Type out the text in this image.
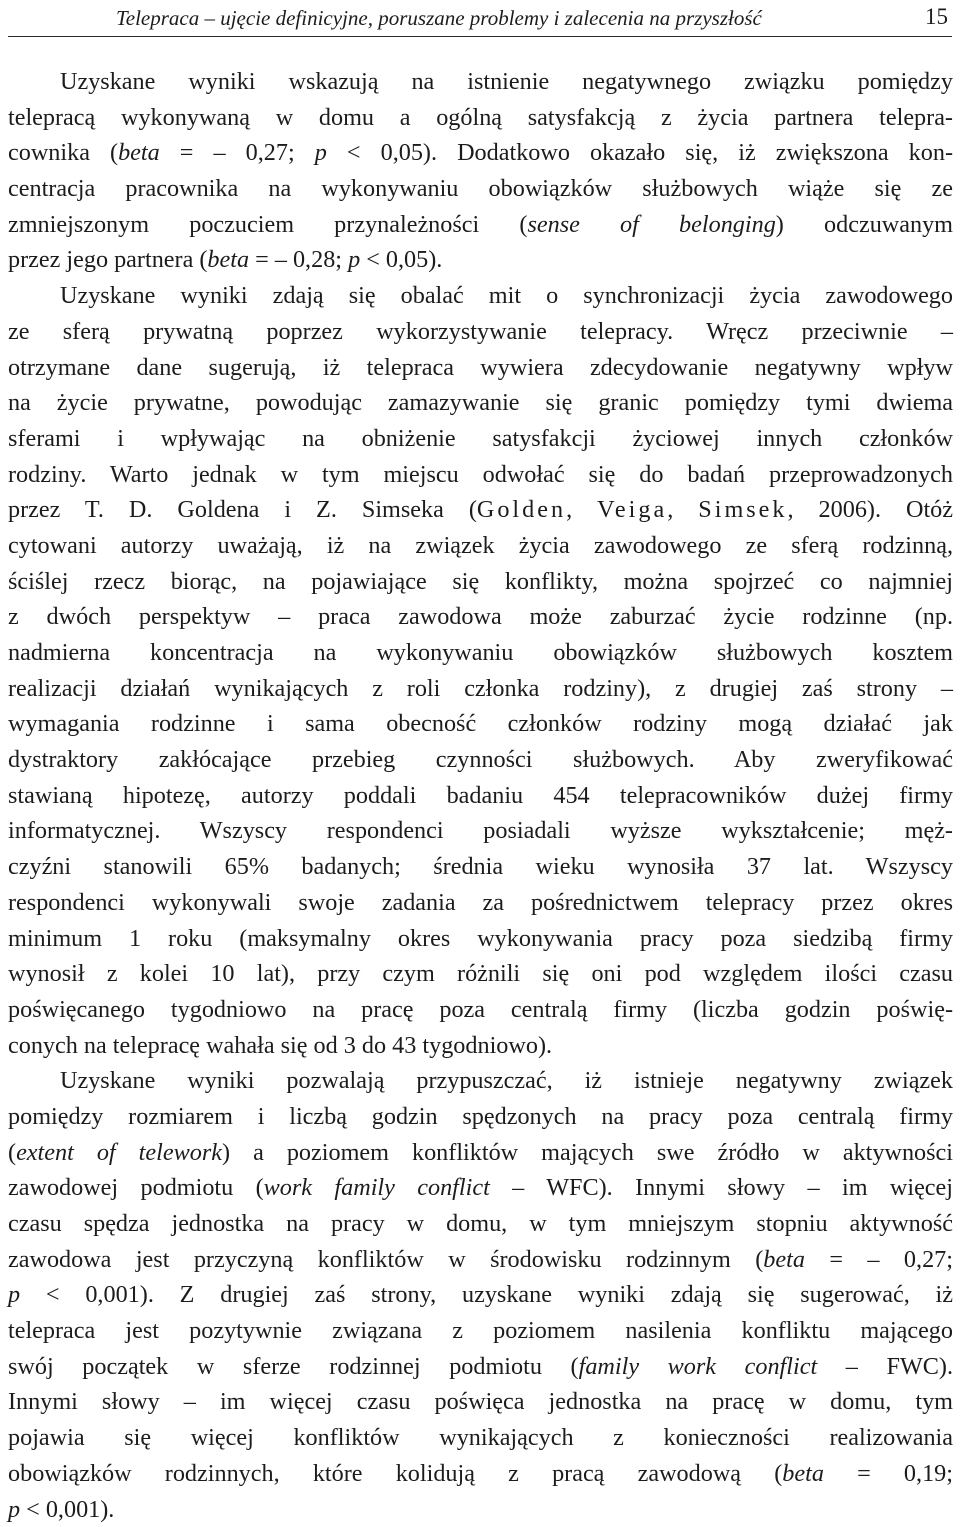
Telepraca – ujęcie definicyjne, poruszane problemy i zalecenia na przyszłość	15
Uzyskane wyniki wskazują na istnienie negatywnego związku pomiędzy
telepracą wykonywaną w domu a ogólną satysfakcją z życia partnera telepra-
cownika (beta = – 0,27; p < 0,05). Dodatkowo okazało się, iż zwiększona kon-
centracja pracownika na wykonywaniu obowiązków służbowych wiąże się ze
zmniejszonym poczuciem przynależności (sense of belonging) odczuwanym
przez jego partnera (beta = – 0,28; p < 0,05).
Uzyskane wyniki zdają się obalać mit o synchronizacji życia zawodowego
ze sferą prywatną poprzez wykorzystywanie telepracy. Wręcz przeciwnie –
otrzymane dane sugerują, iż telepraca wywiera zdecydowanie negatywny wpływ
na życie prywatne, powodując zamazywanie się granic pomiędzy tymi dwiema
sferami i wpływając na obniżenie satysfakcji życiowej innych członków
rodziny. Warto jednak w tym miejscu odwołać się do badań przeprowadzonych
przez T. D. Goldena i Z. Simseka (Golden, Veiga, Simsek, 2006). Otóż
cytowani autorzy uważają, iż na związek życia zawodowego ze sferą rodzinną,
ściślej rzecz biorąc, na pojawiające się konflikty, można spojrzeć co najmniej
z dwóch perspektyw – praca zawodowa może zaburzać życie rodzinne (np.
nadmierna koncentracja na wykonywaniu obowiązków służbowych kosztem
realizacji działań wynikających z roli członka rodziny), z drugiej zaś strony –
wymagania rodzinne i sama obecność członków rodziny mogą działać jak
dystraktory zakłócające przebieg czynności służbowych. Aby zweryfikować
stawianą hipotezę, autorzy poddali badaniu 454 telepracowników dużej firmy
informatycznej. Wszyscy respondenci posiadali wyższe wykształcenie; męż-
czyźni stanowili 65% badanych; średnia wieku wynosiła 37 lat. Wszyscy
respondenci wykonywali swoje zadania za pośrednictwem telepracy przez okres
minimum 1 roku (maksymalny okres wykonywania pracy poza siedzibą firmy
wynosił z kolei 10 lat), przy czym różnili się oni pod względem ilości czasu
poświęcanego tygodniowo na pracę poza centralą firmy (liczba godzin poświę-
conych na telepracę wahała się od 3 do 43 tygodniowo).
Uzyskane wyniki pozwalają przypuszczać, iż istnieje negatywny związek
pomiędzy rozmiarem i liczbą godzin spędzonych na pracy poza centralą firmy
(extent of telework) a poziomem konfliktów mających swe źródło w aktywności
zawodowej podmiotu (work family conflict – WFC). Innymi słowy – im więcej
czasu spędza jednostka na pracy w domu, w tym mniejszym stopniu aktywność
zawodowa jest przyczyną konfliktów w środowisku rodzinnym (beta = – 0,27;
p < 0,001). Z drugiej zaś strony, uzyskane wyniki zdają się sugerować, iż
telepraca jest pozytywnie związana z poziomem nasilenia konfliktu mającego
swój początek w sferze rodzinnej podmiotu (family work conflict – FWC).
Innymi słowy – im więcej czasu poświęca jednostka na pracę w domu, tym
pojawia się więcej konfliktów wynikających z konieczności realizowania
obowiązków rodzinnych, które kolidują z pracą zawodową (beta = 0,19;
p < 0,001).
